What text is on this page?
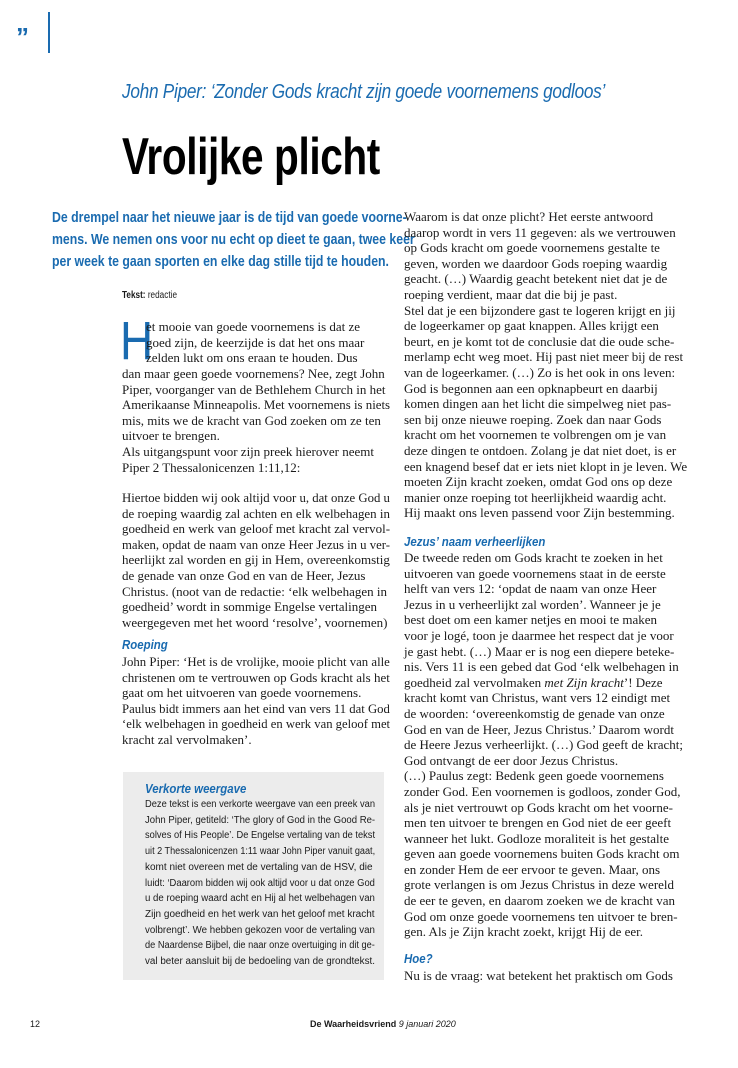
”
John Piper: ‘Zonder Gods kracht zijn goede voornemens godloos’
Vrolijke plicht
De drempel naar het nieuwe jaar is de tijd van goede voorne-
mens. We nemen ons voor nu echt op dieet te gaan, twee keer
per week te gaan sporten en elke dag stille tijd te houden.
Tekst: redactie
H
et mooie van goede voornemens is dat ze
goed zijn, de keerzijde is dat het ons maar
zelden lukt om ons eraan te houden. Dus
dan maar geen goede voornemens? Nee, zegt John
Piper, voorganger van de Bethlehem Church in het
Amerikaanse Minneapolis. Met voornemens is niets
mis, mits we de kracht van God zoeken om ze ten
uitvoer te brengen.
Als uitgangspunt voor zijn preek hierover neemt
Piper 2 Thessalonicenzen 1:11,12:
Hiertoe bidden wij ook altijd voor u, dat onze God u
de roeping waardig zal achten en elk welbehagen in
goedheid en werk van geloof met kracht zal vervol-
maken, opdat de naam van onze Heer Jezus in u ver-
heerlijkt zal worden en gij in Hem, overeenkomstig
de genade van onze God en van de Heer, Jezus
Christus. (noot van de redactie: ‘elk welbehagen in
goedheid’ wordt in sommige Engelse vertalingen
weergegeven met het woord ‘resolve’, voornemen)
Roeping
John Piper: ‘Het is de vrolijke, mooie plicht van alle
christenen om te vertrouwen op Gods kracht als het
gaat om het uitvoeren van goede voornemens.
Paulus bidt immers aan het eind van vers 11 dat God
‘elk welbehagen in goedheid en werk van geloof met
kracht zal vervolmaken’.
Verkorte weergave
Deze tekst is een verkorte weergave van een preek van
John Piper, getiteld: ‘The glory of God in the Good Re-
solves of His People’. De Engelse vertaling van de tekst
uit 2 Thessalonicenzen 1:11 waar John Piper vanuit gaat,
komt niet overeen met de vertaling van de HSV, die
luidt: ‘Daarom bidden wij ook altijd voor u dat onze God
u de roeping waard acht en Hij al het welbehagen van
Zijn goedheid en het werk van het geloof met kracht
volbrengt’. We hebben gekozen voor de vertaling van
de Naardense Bijbel, die naar onze overtuiging in dit ge-
val beter aansluit bij de bedoeling van de grondtekst.
Waarom is dat onze plicht? Het eerste antwoord
daarop wordt in vers 11 gegeven: als we vertrouwen
op Gods kracht om goede voornemens gestalte te
geven, worden we daardoor Gods roeping waardig
geacht. (…) Waardig geacht betekent niet dat je de
roeping verdient, maar dat die bij je past.
Stel dat je een bijzondere gast te logeren krijgt en jij
de logeerkamer op gaat knappen. Alles krijgt een
beurt, en je komt tot de conclusie dat die oude sche-
merlamp echt weg moet. Hij past niet meer bij de rest
van de logeerkamer. (…) Zo is het ook in ons leven:
God is begonnen aan een opknapbeurt en daarbij
komen dingen aan het licht die simpelweg niet pas-
sen bij onze nieuwe roeping. Zoek dan naar Gods
kracht om het voornemen te volbrengen om je van
deze dingen te ontdoen. Zolang je dat niet doet, is er
een knagend besef dat er iets niet klopt in je leven. We
moeten Zijn kracht zoeken, omdat God ons op deze
manier onze roeping tot heerlijkheid waardig acht.
Hij maakt ons leven passend voor Zijn bestemming.
Jezus’ naam verheerlijken
De tweede reden om Gods kracht te zoeken in het
uitvoeren van goede voornemens staat in de eerste
helft van vers 12: ‘opdat de naam van onze Heer
Jezus in u verheerlijkt zal worden’. Wanneer je je
best doet om een kamer netjes en mooi te maken
voor je logé, toon je daarmee het respect dat je voor
je gast hebt. (…) Maar er is nog een diepere beteke-
nis. Vers 11 is een gebed dat God ‘elk welbehagen in
goedheid zal vervolmaken met Zijn kracht’! Deze
kracht komt van Christus, want vers 12 eindigt met
de woorden: ‘overeenkomstig de genade van onze
God en van de Heer, Jezus Christus.’ Daarom wordt
de Heere Jezus verheerlijkt. (…) God geeft de kracht;
God ontvangt de eer door Jezus Christus.
(…) Paulus zegt: Bedenk geen goede voornemens
zonder God. Een voornemen is godloos, zonder God,
als je niet vertrouwt op Gods kracht om het voorne-
men ten uitvoer te brengen en God niet de eer geeft
wanneer het lukt. Godloze moraliteit is het gestalte
geven aan goede voornemens buiten Gods kracht om
en zonder Hem de eer ervoor te geven. Maar, ons
grote verlangen is om Jezus Christus in deze wereld
de eer te geven, en daarom zoeken we de kracht van
God om onze goede voornemens ten uitvoer te bren-
gen. Als je Zijn kracht zoekt, krijgt Hij de eer.
Hoe?
Nu is de vraag: wat betekent het praktisch om Gods
12	De Waarheidsvriend 9 januari 2020
